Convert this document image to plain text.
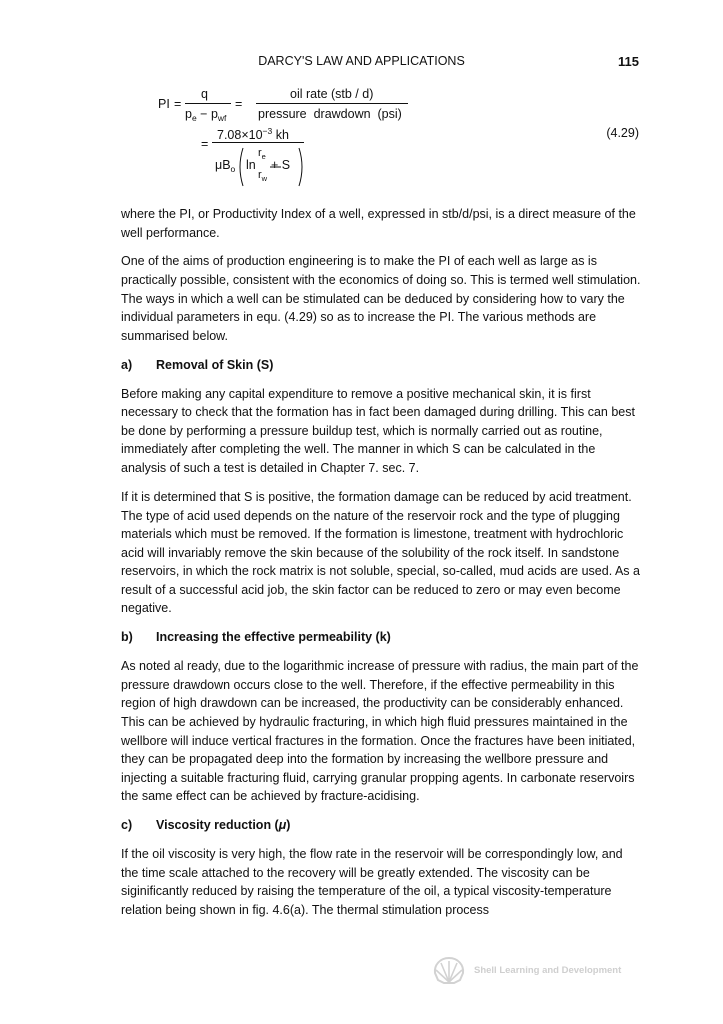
DARCY'S LAW AND APPLICATIONS	115
PI =
q
$p_e - p_{wf}$
=
oil rate (stb / d)
pressure  drawdown  (psi)
=
$7.08\times 10^{-3}$ kh
$\mu B_o$ ln
$r_e$
$r_w$
+ S
(4.29)

where the PI, or Productivity Index of a well, expressed in stb/d/psi, is a direct measure of the well performance.

One of the aims of production engineering is to make the PI of each well as large as is practically possible, consistent with the economics of doing so. This is termed well stimulation. The ways in which a well can be stimulated can be deduced by considering how to vary the individual parameters in equ. (4.29) so as to increase the PI. The various methods are summarised below.

a) Removal of Skin (S)

Before making any capital expenditure to remove a positive mechanical skin, it is first necessary to check that the formation has in fact been damaged during drilling. This can best be done by performing a pressure buildup test, which is normally carried out as routine, immediately after completing the well. The manner in which S can be calculated in the analysis of such a test is detailed in Chapter 7. sec. 7.

If it is determined that S is positive, the formation damage can be reduced by acid treatment. The type of acid used depends on the nature of the reservoir rock and the type of plugging materials which must be removed. If the formation is limestone, treatment with hydrochloric acid will invariably remove the skin because of the solubility of the rock itself. In sandstone reservoirs, in which the rock matrix is not soluble, special, so-called, mud acids are used. As a result of a successful acid job, the skin factor can be reduced to zero or may even become negative.

b) Increasing the effective permeability (k)

As noted al ready, due to the logarithmic increase of pressure with radius, the main part of the pressure drawdown occurs close to the well. Therefore, if the effective permeability in this region of high drawdown can be increased, the productivity can be considerably enhanced. This can be achieved by hydraulic fracturing, in which high fluid pressures maintained in the wellbore will induce vertical fractures in the formation. Once the fractures have been initiated, they can be propagated deep into the formation by increasing the wellbore pressure and injecting a suitable fracturing fluid, carrying granular propping agents. In carbonate reservoirs the same effect can be achieved by fracture-acidising.

c) Viscosity reduction (μ)

If the oil viscosity is very high, the flow rate in the reservoir will be correspondingly low, and the time scale attached to the recovery will be greatly extended. The viscosity can be siginificantly reduced by raising the temperature of the oil, a typical viscosity-temperature relation being shown in fig. 4.6(a). The thermal stimulation process

Shell Learning and Development
